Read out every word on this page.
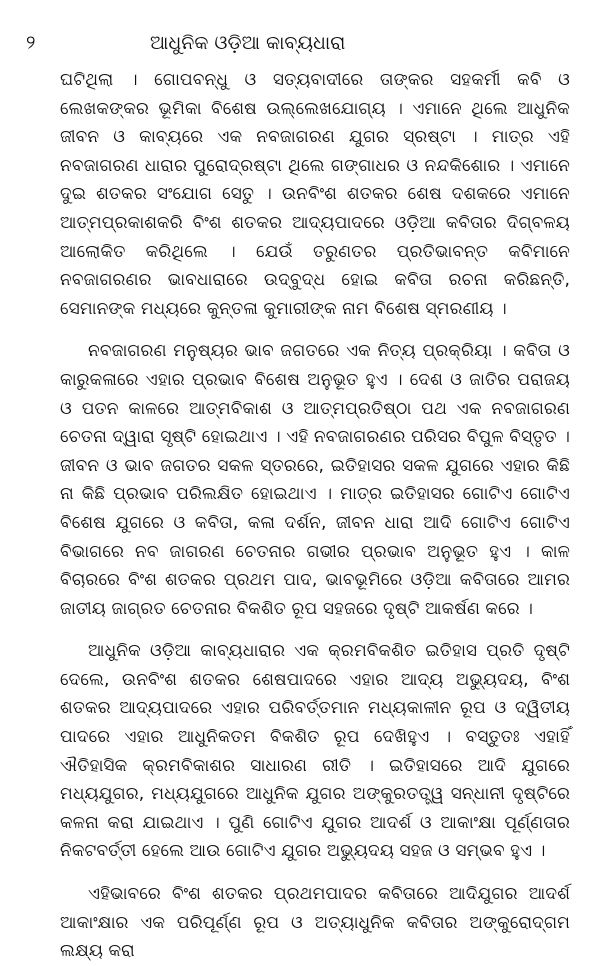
୨	ଆଧୁନିକ ଓଡ଼ିଆ କାବ୍ୟଧାରା

ଘଟିଥିଲା । ଗୋପବନ୍ଧୁ ଓ ସତ୍ୟବାଦୀରେ ତାଙ୍କର ସହକର୍ମୀ କବି ଓ ଲେଖକଙ୍କର ଭୂମିକା ବିଶେଷ ଉଲ୍ଲେଖଯୋଗ୍ୟ । ଏମାନେ ଥିଲେ ଆଧୁନିକ ଜୀବନ ଓ କାବ୍ୟରେ ଏକ ନବଜାଗରଣ ଯୁଗର ସ୍ରଷ୍ଟା । ମାତ୍ର ଏହି ନବଜାଗରଣ ଧାରାର ପୁରୋଦ୍ରଷ୍ଟା ଥିଲେ ଗଙ୍ଗାଧର ଓ ନନ୍ଦକିଶୋର । ଏମାନେ ଦୁଇ ଶତକର ସଂଯୋଗ ସେତୁ । ଉନବିଂଶ ଶତକର ଶେଷ ଦଶକରେ ଏମାନେ ଆତ୍ମପ୍ରକାଶକରି ବିଂଶ ଶତକର ଆଦ୍ୟପାଦରେ ଓଡ଼ିଆ କବିତାର ଦିଗ୍‌ବଳୟ ଆଲୋକିତ କରିଥିଲେ । ଯେଉଁ ତରୁଣତର ପ୍ରତିଭାବନ୍ତ କବିମାନେ ନବଜାଗରଣର ଭାବଧାରାରେ ଉଦ୍‌ବୁଦ୍ଧ ହୋଇ କବିତା ରଚନା କରିଛନ୍ତି, ସେମାନଙ୍କ ମଧ୍ୟରେ କୁନ୍ତଳା କୁମାରୀଙ୍କ ନାମ ବିଶେଷ ସ୍ମରଣୀୟ ।

ନବଜାଗରଣ ମନୁଷ୍ୟର ଭାବ ଜଗତରେ ଏକ ନିତ୍ୟ ପ୍ରକ୍ରିୟା । କବିତା ଓ କାରୁକଳାରେ ଏହାର ପ୍ରଭାବ ବିଶେଷ ଅନୁଭୂତ ହୁଏ । ଦେଶ ଓ ଜାତିର ପରାଜୟ ଓ ପତନ କାଳରେ ଆତ୍ମବିକାଶ ଓ ଆତ୍ମପ୍ରତିଷ୍ଠା ପଥ ଏକ ନବଜାଗରଣ ଚେତନା ଦ୍ୱାରା ସୃଷ୍ଟି ହୋଇଥାଏ । ଏହି ନବଜାଗରଣର ପରିସର ବିପୁଳ ବିସ୍ତୃତ । ଜୀବନ ଓ ଭାବ ଜଗତର ସକଳ ସ୍ତରରେ, ଇତିହାସର ସକଳ ଯୁଗରେ ଏହାର କିଛି ନା କିଛି ପ୍ରଭାବ ପରିଲକ୍ଷିତ ହୋଇଥାଏ । ମାତ୍ର ଇତିହାସର ଗୋଟିଏ ଗୋଟିଏ ବିଶେଷ ଯୁଗରେ ଓ କବିତା, କଳା ଦର୍ଶନ, ଜୀବନ ଧାରା ଆଦି ଗୋଟିଏ ଗୋଟିଏ ବିଭାଗରେ ନବ ଜାଗରଣ ଚେତନାର ଗଭୀର ପ୍ରଭାବ ଅନୁଭୂତ ହୁଏ । କାଳ ବିଚାରରେ ବିଂଶ ଶତକର ପ୍ରଥମ ପାଦ, ଭାବଭୂମିରେ ଓଡ଼ିଆ କବିତାରେ ଆମର ଜାତୀୟ ଜାଗ୍ରତ ଚେତନାର ବିକଶିତ ରୂପ ସହଜରେ ଦୃଷ୍ଟି ଆକର୍ଷଣ କରେ ।

ଆଧୁନିକ ଓଡ଼ିଆ କାବ୍ୟଧାରାର ଏକ କ୍ରମବିକଶିତ ଇତିହାସ ପ୍ରତି ଦୃଷ୍ଟି ଦେଲେ, ଉନବିଂଶ ଶତକର ଶେଷପାଦରେ ଏହାର ଆଦ୍ୟ ଅଭ୍ୟୁଦୟ, ବିଂଶ ଶତକର ଆଦ୍ୟପାଦରେ ଏହାର ପରିବର୍ତ୍ତମାନ ମଧ୍ୟକାଳୀନ ରୂପ ଓ ଦ୍ୱିତୀୟ ପାଦରେ ଏହାର ଆଧୁନିକତମ ବିକଶିତ ରୂପ ଦେଖିହୁଏ । ବସ୍ତୁତଃ ଏହାହିଁ ଐତିହାସିକ କ୍ରମବିକାଶର ସାଧାରଣ ରୀତି । ଇତିହାସରେ ଆଦି ଯୁଗରେ ମଧ୍ୟଯୁଗର, ମଧ୍ୟଯୁଗରେ ଆଧୁନିକ ଯୁଗର ଅଙ୍କୁରତତ୍ତ୍ୱ ସନ୍ଧାନୀ ଦୃଷ୍ଟିରେ କଳନା କରା ଯାଇଥାଏ । ପୁଣି ଗୋଟିଏ ଯୁଗର ଆଦର୍ଶ ଓ ଆକାଂକ୍ଷା ପୂର୍ଣ୍ଣତାର ନିକଟବର୍ତ୍ତୀ ହେଲେ ଆଉ ଗୋଟିଏ ଯୁଗର ଅଭ୍ୟୁଦୟ ସହଜ ଓ ସମ୍ଭବ ହୁଏ ।

ଏହିଭାବରେ ବିଂଶ ଶତକର ପ୍ରଥମପାଦର କବିତାରେ ଆଦିଯୁଗର ଆଦର୍ଶ ଆକାଂକ୍ଷାର ଏକ ପରିପୂର୍ଣ୍ଣ ରୂପ ଓ ଅତ୍ୟାଧୁନିକ କବିତାର ଅଙ୍କୁରୋଦ୍‌ଗମ ଲକ୍ଷ୍ୟ କରା
